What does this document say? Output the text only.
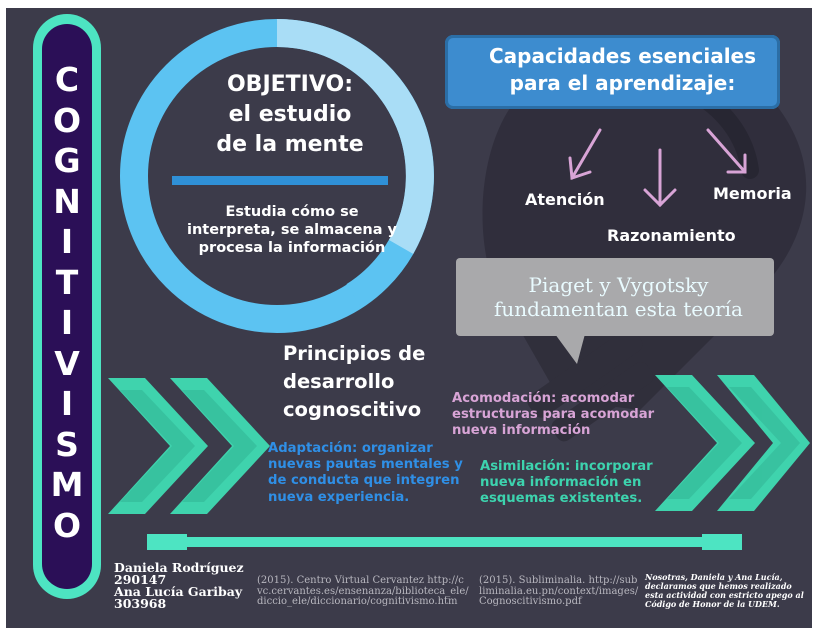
C
O
G
N
I
T
I
V
I
S
M
O
OBJETIVO:
el estudio
de la mente

Estudia cómo se interpreta, se almacena y procesa la información

Capacidades esenciales
para el aprendizaje:

Atención

Razonamiento

Memoria

Piaget y Vygotsky
fundamentan esta teoría
Principios de
desarrollo
cognoscitivo

Adaptación: organizar nuevas pautas mentales y de conducta que integren nueva experiencia.

Acomodación: acomodar estructuras para acomodar nueva información

Asimilación: incorporar nueva información en esquemas existentes.

Daniela Rodríguez
290147
Ana Lucía Garibay
303968

(2015). Centro Virtual Cervantez http://cvc.cervantes.es/ensenanza/biblioteca_ele/diccio_ele/diccionario/cognitivismo.htm

(2015). Subliminalia. http://subliminalia.eu.pn/context/images/Cognoscitivismo.pdf

Nosotras, Daniela y Ana Lucía, declaramos que hemos realizado esta actividad con estricto apego al Código de Honor de la UDEM.
